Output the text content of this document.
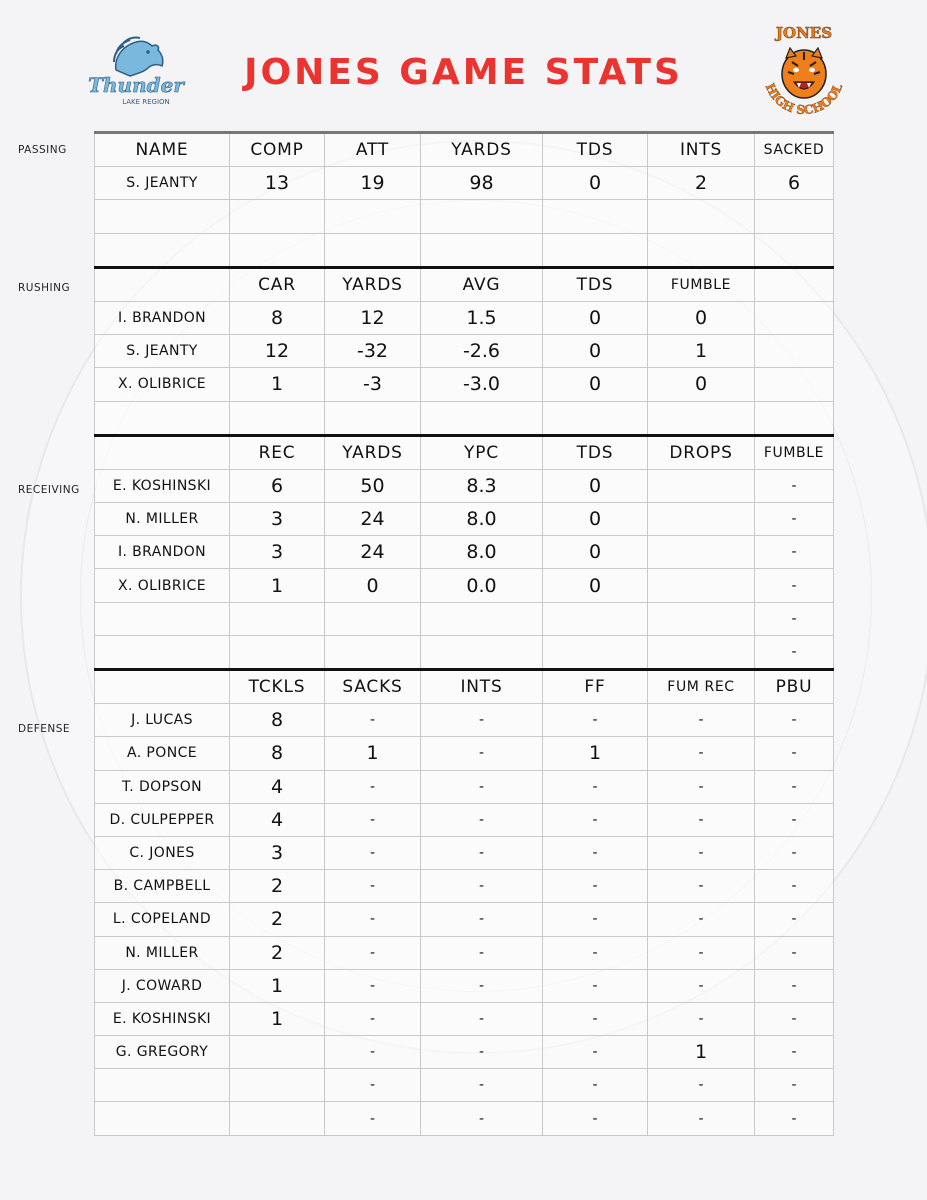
Thunder
LAKE REGION
JONES GAME STATS
JONES
HIGH SCHOOL
PASSING
RUSHING
RECEIVING
DEFENSE
NAME	COMP	ATT	YARDS	TDS	INTS	SACKED
S. JEANTY	13	19	98	0	2	6

	CAR	YARDS	AVG	TDS	FUMBLE	
I. BRANDON	8	12	1.5	0	0	
S. JEANTY	12	-32	-2.6	0	1	
X. OLIBRICE	1	-3	-3.0	0	0	

	REC	YARDS	YPC	TDS	DROPS	FUMBLE
E. KOSHINSKI	6	50	8.3	0		-
N. MILLER	3	24	8.0	0		-
I. BRANDON	3	24	8.0	0		-
X. OLIBRICE	1	0	0.0	0		-
						-
						-
	TCKLS	SACKS	INTS	FF	FUM REC	PBU
J. LUCAS	8	-	-	-	-	-
A. PONCE	8	1	-	1	-	-
T. DOPSON	4	-	-	-	-	-
D. CULPEPPER	4	-	-	-	-	-
C. JONES	3	-	-	-	-	-
B. CAMPBELL	2	-	-	-	-	-
L. COPELAND	2	-	-	-	-	-
N. MILLER	2	-	-	-	-	-
J. COWARD	1	-	-	-	-	-
E. KOSHINSKI	1	-	-	-	-	-
G. GREGORY		-	-	-	1	-
		-	-	-	-	-
		-	-	-	-	-
